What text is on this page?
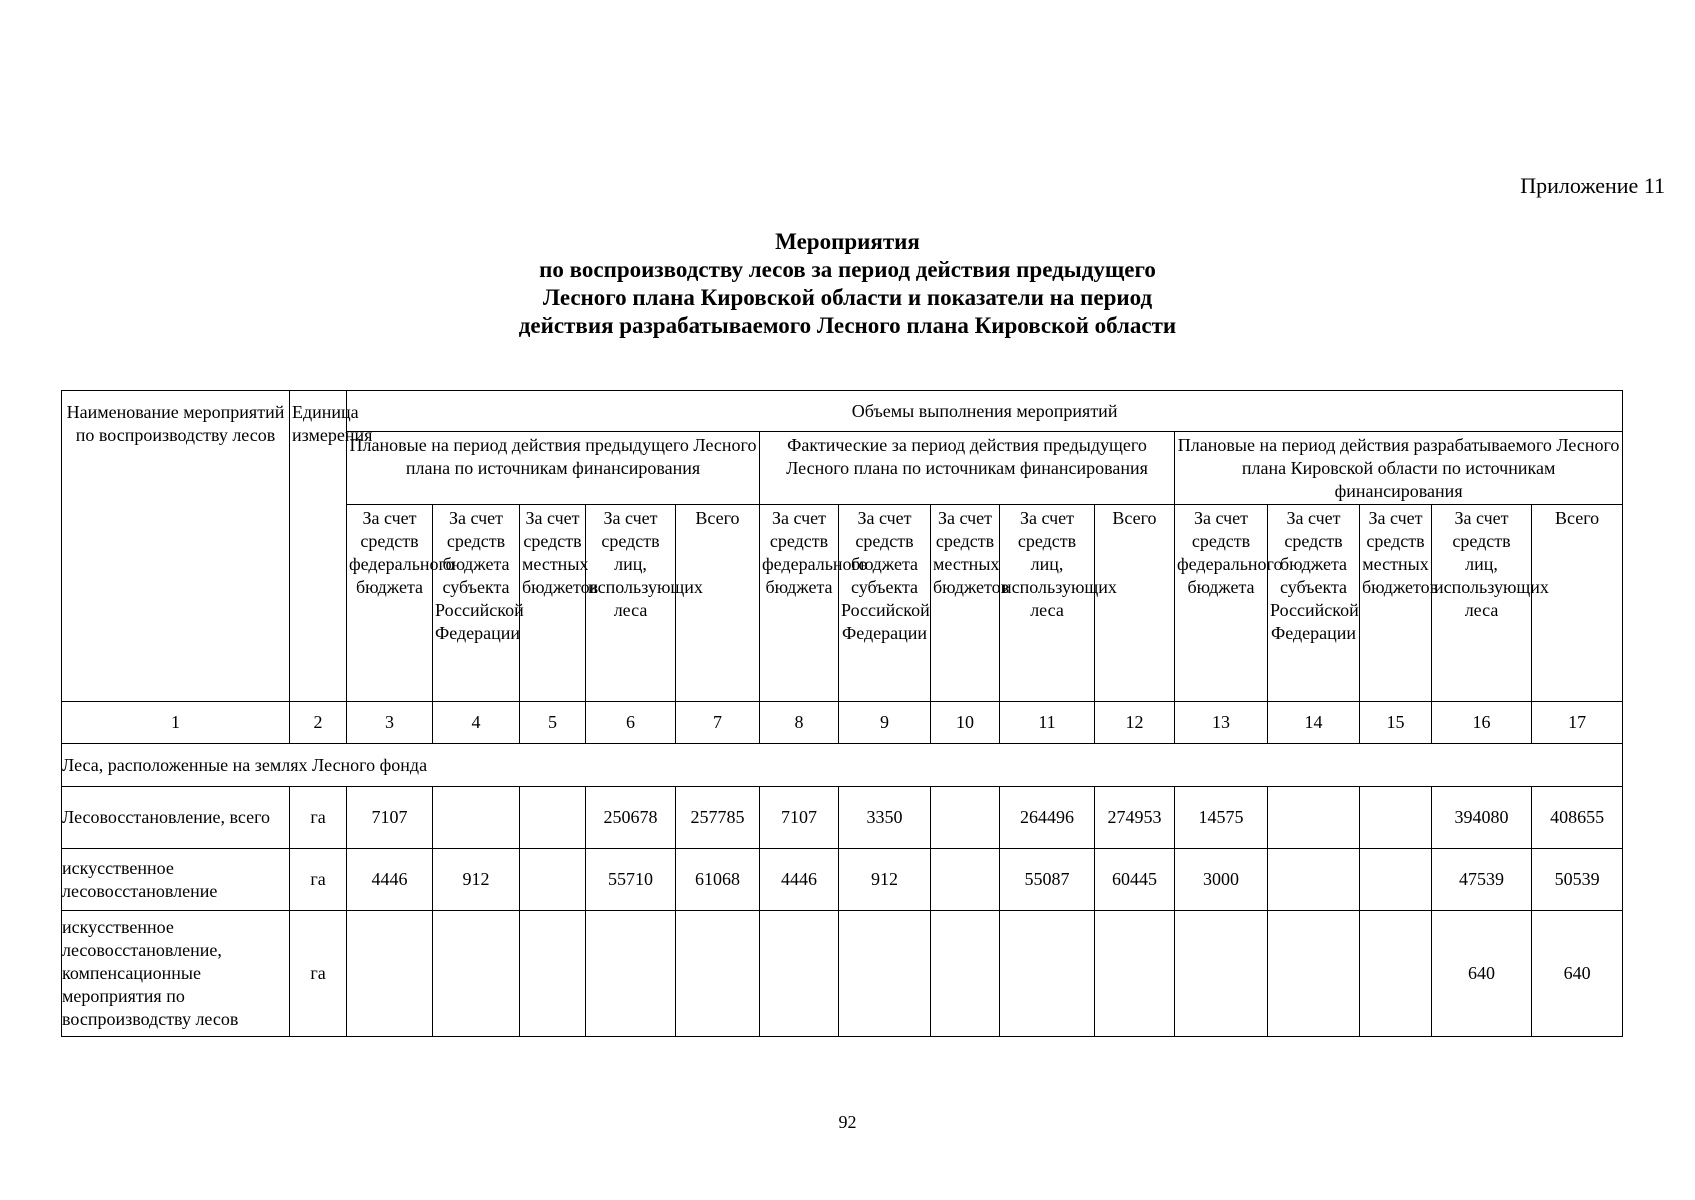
Приложение 11
Мероприятия
по воспроизводству лесов за период действия предыдущего
Лесного плана Кировской области и показатели на период
действия разрабатываемого Лесного плана Кировской области
Наименование мероприятий по воспроизводству лесов	Единица измерения	Объемы выполнения мероприятий														
		Плановые на период действия предыдущего Лесного плана по источникам финансирования					Фактические за период действия предыдущего Лесного плана по источникам финансирования					Плановые на период действия разрабатываемого Лесного плана Кировской области по источникам финансирования				
		За счет средств федерального бюджета	За счет средств бюджета субъекта Российской Федерации	За счет средств местных бюджетов	За счет средств лиц, использующих леса	Всего	За счет средств федерального бюджета	За счет средств бюджета субъекта Российской Федерации	За счет средств местных бюджетов	За счет средств лиц, использующих леса	Всего	За счет средств федерального бюджета	За счет средств бюджета субъекта Российской Федерации	За счет средств местных бюджетов	За счет средств лиц, использующих леса	Всего
1	2	3	4	5	6	7	8	9	10	11	12	13	14	15	16	17
Леса, расположенные на землях Лесного фонда																
Лесовосстановление, всего	га	7107			250678	257785	7107	3350		264496	274953	14575			394080	408655
искусственное лесовосстановление	га	4446	912		55710	61068	4446	912		55087	60445	3000			47539	50539
искусственное лесовосстановление, компенсационные мероприятия по воспроизводству лесов	га														640	640
92
